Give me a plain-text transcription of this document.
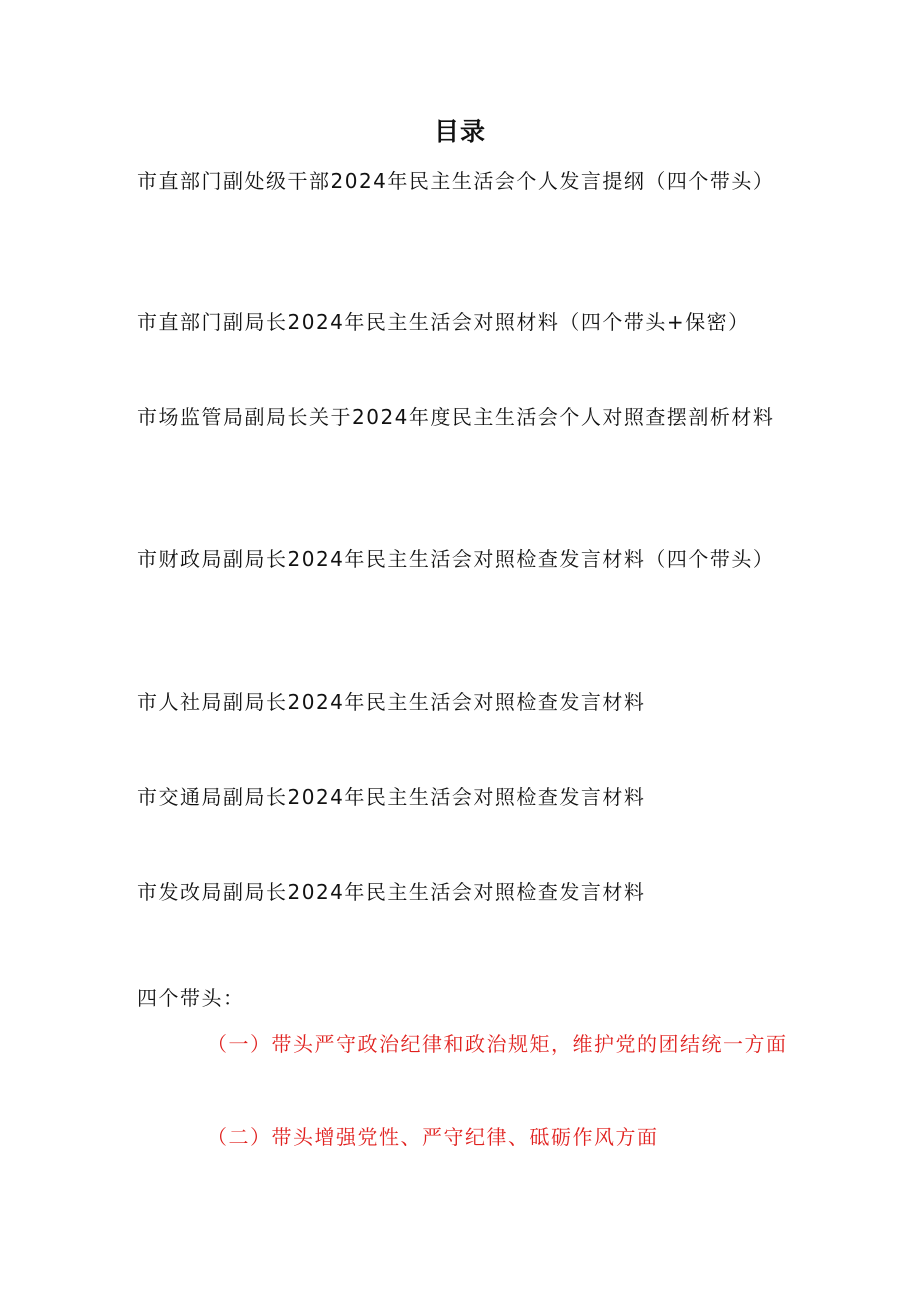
目录
市直部门副处级干部2024年民主生活会个人发言提纲（四个带头）
市直部门副局长2024年民主生活会对照材料（四个带头+保密）
市场监管局副局长关于2024年度民主生活会个人对照查摆剖析材料
市财政局副局长2024年民主生活会对照检查发言材料（四个带头）
市人社局副局长2024年民主生活会对照检查发言材料
市交通局副局长2024年民主生活会对照检查发言材料
市发改局副局长2024年民主生活会对照检查发言材料
四个带头：
（一）带头严守政治纪律和政治规矩，维护党的团结统一方面
（二）带头增强党性、严守纪律、砥砺作风方面
